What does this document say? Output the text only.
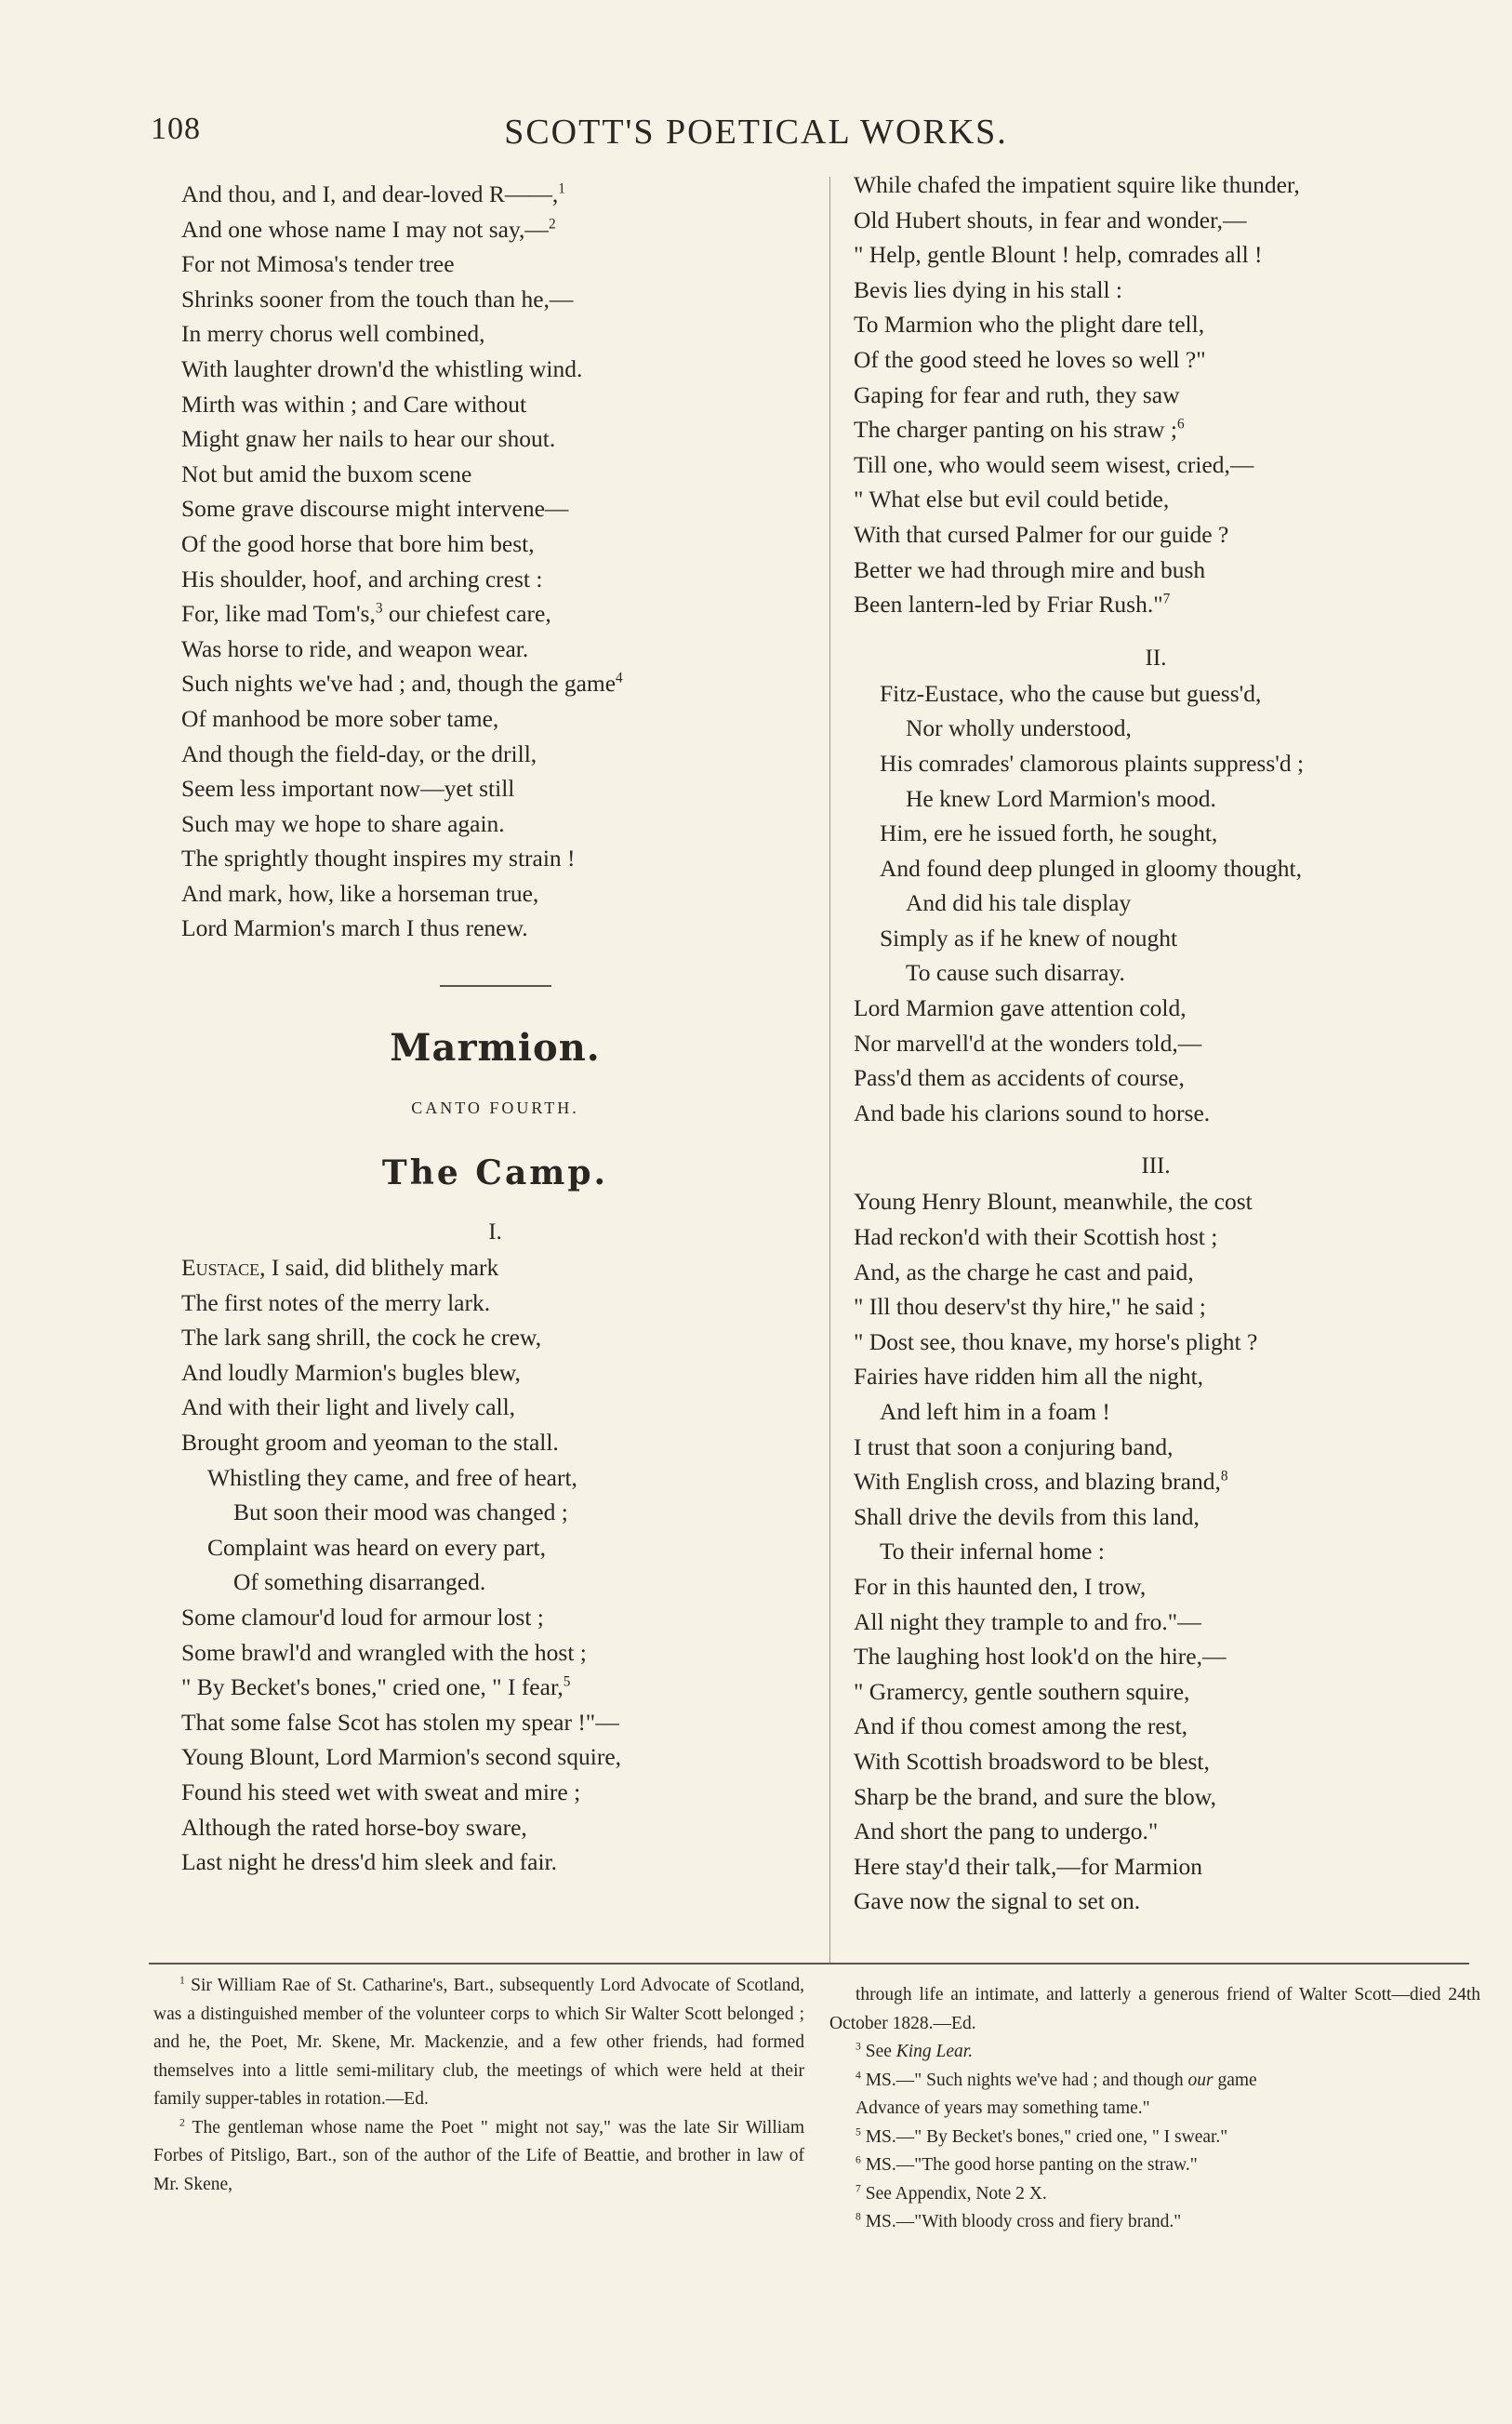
108	SCOTT'S POETICAL WORKS.
And thou, and I, and dear-loved R——,$^1$
And one whose name I may not say,—$^2$
For not Mimosa's tender tree
Shrinks sooner from the touch than he,—
In merry chorus well combined,
With laughter drown'd the whistling wind.
Mirth was within ; and Care without
Might gnaw her nails to hear our shout.
Not but amid the buxom scene
Some grave discourse might intervene—
Of the good horse that bore him best,
His shoulder, hoof, and arching crest :
For, like mad Tom's,$^3$ our chiefest care,
Was horse to ride, and weapon wear.
Such nights we've had ; and, though the game$^4$
Of manhood be more sober tame,
And though the field-day, or the drill,
Seem less important now—yet still
Such may we hope to share again.
The sprightly thought inspires my strain !
And mark, how, like a horseman true,
Lord Marmion's march I thus renew.
Marmion.
CANTO FOURTH.
The Camp.
I.
Eustace, I said, did blithely mark
The first notes of the merry lark.
The lark sang shrill, the cock he crew,
And loudly Marmion's bugles blew,
And with their light and lively call,
Brought groom and yeoman to the stall.
Whistling they came, and free of heart,
But soon their mood was changed ;
Complaint was heard on every part,
Of something disarranged.
Some clamour'd loud for armour lost ;
Some brawl'd and wrangled with the host ;
" By Becket's bones," cried one, " I fear,$^5$
That some false Scot has stolen my spear !"—
Young Blount, Lord Marmion's second squire,
Found his steed wet with sweat and mire ;
Although the rated horse-boy sware,
Last night he dress'd him sleek and fair.
While chafed the impatient squire like thunder,
Old Hubert shouts, in fear and wonder,—
" Help, gentle Blount ! help, comrades all !
Bevis lies dying in his stall :
To Marmion who the plight dare tell,
Of the good steed he loves so well ?"
Gaping for fear and ruth, they saw
The charger panting on his straw ;$^6$
Till one, who would seem wisest, cried,—
" What else but evil could betide,
With that cursed Palmer for our guide ?
Better we had through mire and bush
Been lantern-led by Friar Rush."$^7$
II.
Fitz-Eustace, who the cause but guess'd,
Nor wholly understood,
His comrades' clamorous plaints suppress'd ;
He knew Lord Marmion's mood.
Him, ere he issued forth, he sought,
And found deep plunged in gloomy thought,
And did his tale display
Simply as if he knew of nought
To cause such disarray.
Lord Marmion gave attention cold,
Nor marvell'd at the wonders told,—
Pass'd them as accidents of course,
And bade his clarions sound to horse.
III.
Young Henry Blount, meanwhile, the cost
Had reckon'd with their Scottish host ;
And, as the charge he cast and paid,
" Ill thou deserv'st thy hire," he said ;
" Dost see, thou knave, my horse's plight ?
Fairies have ridden him all the night,
And left him in a foam !
I trust that soon a conjuring band,
With English cross, and blazing brand,$^8$
Shall drive the devils from this land,
To their infernal home :
For in this haunted den, I trow,
All night they trample to and fro."—
The laughing host look'd on the hire,—
" Gramercy, gentle southern squire,
And if thou comest among the rest,
With Scottish broadsword to be blest,
Sharp be the brand, and sure the blow,
And short the pang to undergo."
Here stay'd their talk,—for Marmion
Gave now the signal to set on.

$^1$ Sir William Rae of St. Catharine's, Bart., subsequently Lord Advocate of Scotland, was a distinguished member of the volunteer corps to which Sir Walter Scott belonged ; and he, the Poet, Mr. Skene, Mr. Mackenzie, and a few other friends, had formed themselves into a little semi-military club, the meetings of which were held at their family supper-tables in rotation.—Ed.

$^2$ The gentleman whose name the Poet " might not say," was the late Sir William Forbes of Pitsligo, Bart., son of the author of the Life of Beattie, and brother in law of Mr. Skene,

through life an intimate, and latterly a generous friend of Walter Scott—died 24th October 1828.—Ed.

$^3$ See King Lear.

$^4$ MS.—" Such nights we've had ; and though our game

Advance of years may something tame."

$^5$ MS.—" By Becket's bones," cried one, " I swear."

$^6$ MS.—"The good horse panting on the straw."

$^7$ See Appendix, Note 2 X.

$^8$ MS.—"With bloody cross and fiery brand."
